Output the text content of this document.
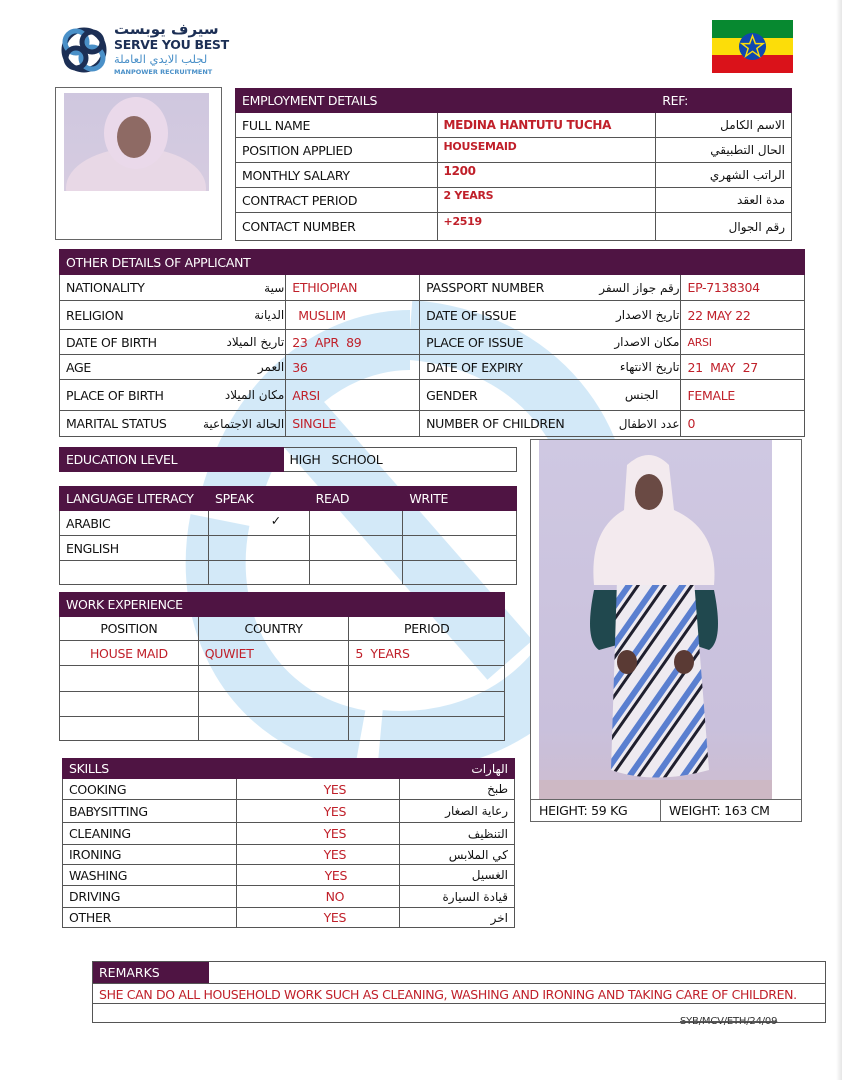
سيرف يوبست
SERVE YOU BEST
لجلب الايدي العاملة
MANPOWER RECRUITMENT
EMPLOYMENT DETAILS		REF:
FULL NAME	MEDINA HANTUTU TUCHA	الاسم الكامل
POSITION APPLIED	HOUSEMAID	الحال التطبيقي
MONTHLY SALARY	1200	الراتب الشهري
CONTRACT PERIOD	2 YEARS	مدة العقد
CONTACT NUMBER	+2519	رقم الجوال
OTHER DETAILS OF APPLICANT					
NATIONALITY	سية	ETHIOPIAN	PASSPORT NUMBER	رقم جواز السفر	EP-7138304
RELIGION	الديانة	MUSLIM	DATE OF ISSUE	تاريخ الاصدار	22 MAY 22
DATE OF BIRTH	تاريخ الميلاد	23  APR  89	PLACE OF ISSUE	مكان الاصدار	ARSI
AGE	العمر	36	DATE OF EXPIRY	تاريخ الانتهاء	21  MAY  27
PLACE OF BIRTH	مكان الميلاد	ARSI	GENDER	الجنس	FEMALE
MARITAL STATUS	الحالة الاجتماعية	SINGLE	NUMBER OF CHILDREN	عدد الاطفال	0
EDUCATION LEVEL	HIGH   SCHOOL
LANGUAGE LITERACY	SPEAK	READ	WRITE
ARABIC	✓		
ENGLISH			

WORK EXPERIENCE		
POSITION	COUNTRY	PERIOD
HOUSE MAID	QUWIET	5  YEARS

SKILLS		الهارات
COOKING	YES	طبخ
BABYSITTING	YES	رعاية الصغار
CLEANING	YES	التنظيف
IRONING	YES	كي الملابس
WASHING	YES	الغسيل
DRIVING	NO	قيادة السيارة
OTHER	YES	اخر
HEIGHT: 59 KG	WEIGHT: 163 CM
REMARKS
SHE CAN DO ALL HOUSEHOLD WORK SUCH AS CLEANING, WASHING AND IRONING AND TAKING CARE OF CHILDREN.
SYB/MCV/ETH/24/09
